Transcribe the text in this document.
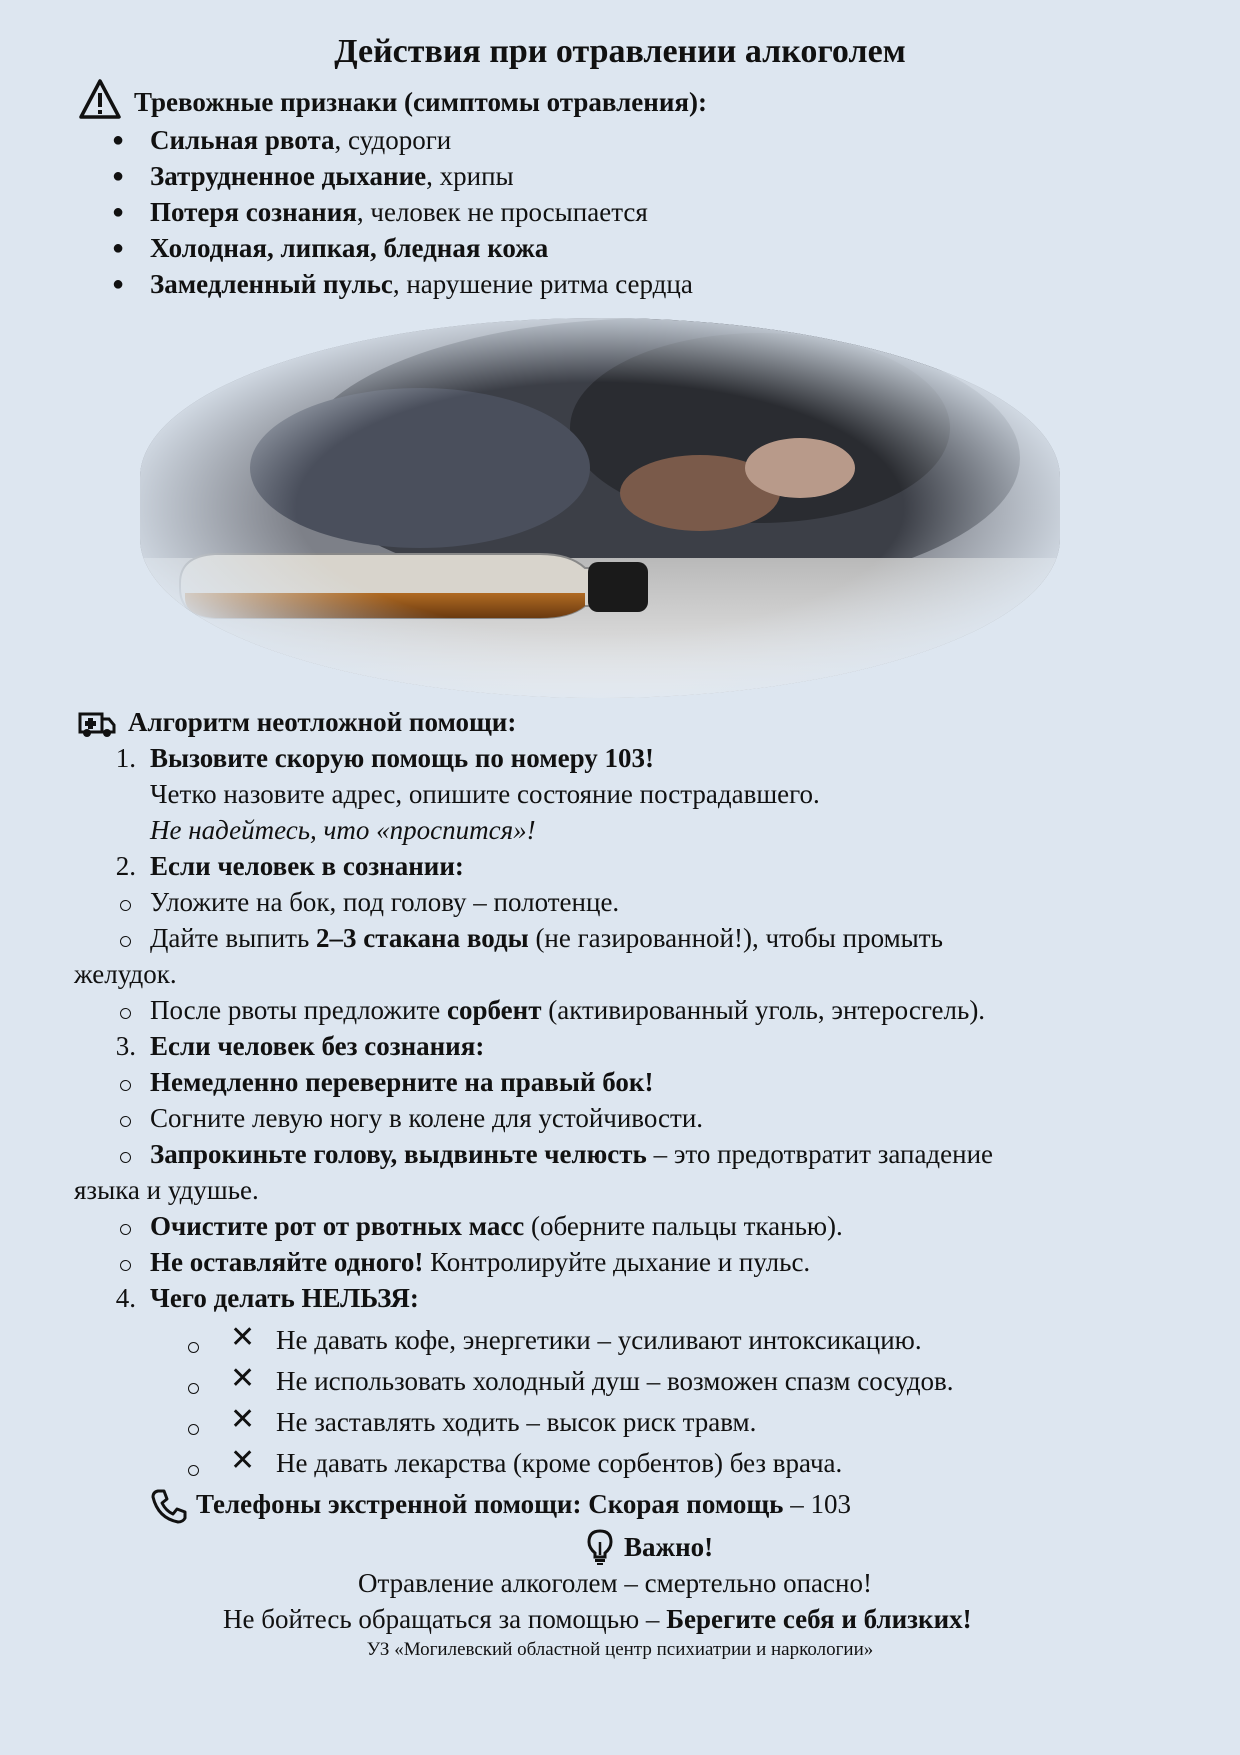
Действия при отравлении алкоголем
Тревожные признаки (симптомы отравления):
● Сильная рвота, судороги
● Затрудненное дыхание, хрипы
● Потеря сознания, человек не просыпается
● Холодная, липкая, бледная кожа
● Замедленный пульс, нарушение ритма сердца
Алгоритм неотложной помощи:
1. Вызовите скорую помощь по номеру 103!
Четко назовите адрес, опишите состояние пострадавшего.
Не надейтесь, что «проспится»!
2. Если человек в сознании:
Уложите на бок, под голову – полотенце.
Дайте выпить 2–3 стакана воды (не газированной!), чтобы промыть
желудок.
После рвоты предложите сорбент (активированный уголь, энтеросгель).
3. Если человек без сознания:
Немедленно переверните на правый бок!
Согните левую ногу в колене для устойчивости.
Запрокиньте голову, выдвиньте челюсть – это предотвратит западение
языка и удушье.
Очистите рот от рвотных масс (оберните пальцы тканью).
Не оставляйте одного! Контролируйте дыхание и пульс.
4. Чего делать НЕЛЬЗЯ:
✕ Не давать кофе, энергетики – усиливают интоксикацию.
✕ Не использовать холодный душ – возможен спазм сосудов.
✕ Не заставлять ходить – высок риск травм.
✕ Не давать лекарства (кроме сорбентов) без врача.
Телефоны экстренной помощи: Скорая помощь – 103
Важно!
Отравление алкоголем – смертельно опасно!
Не бойтесь обращаться за помощью – Берегите себя и близких!
УЗ «Могилевский областной центр психиатрии и наркологии»
